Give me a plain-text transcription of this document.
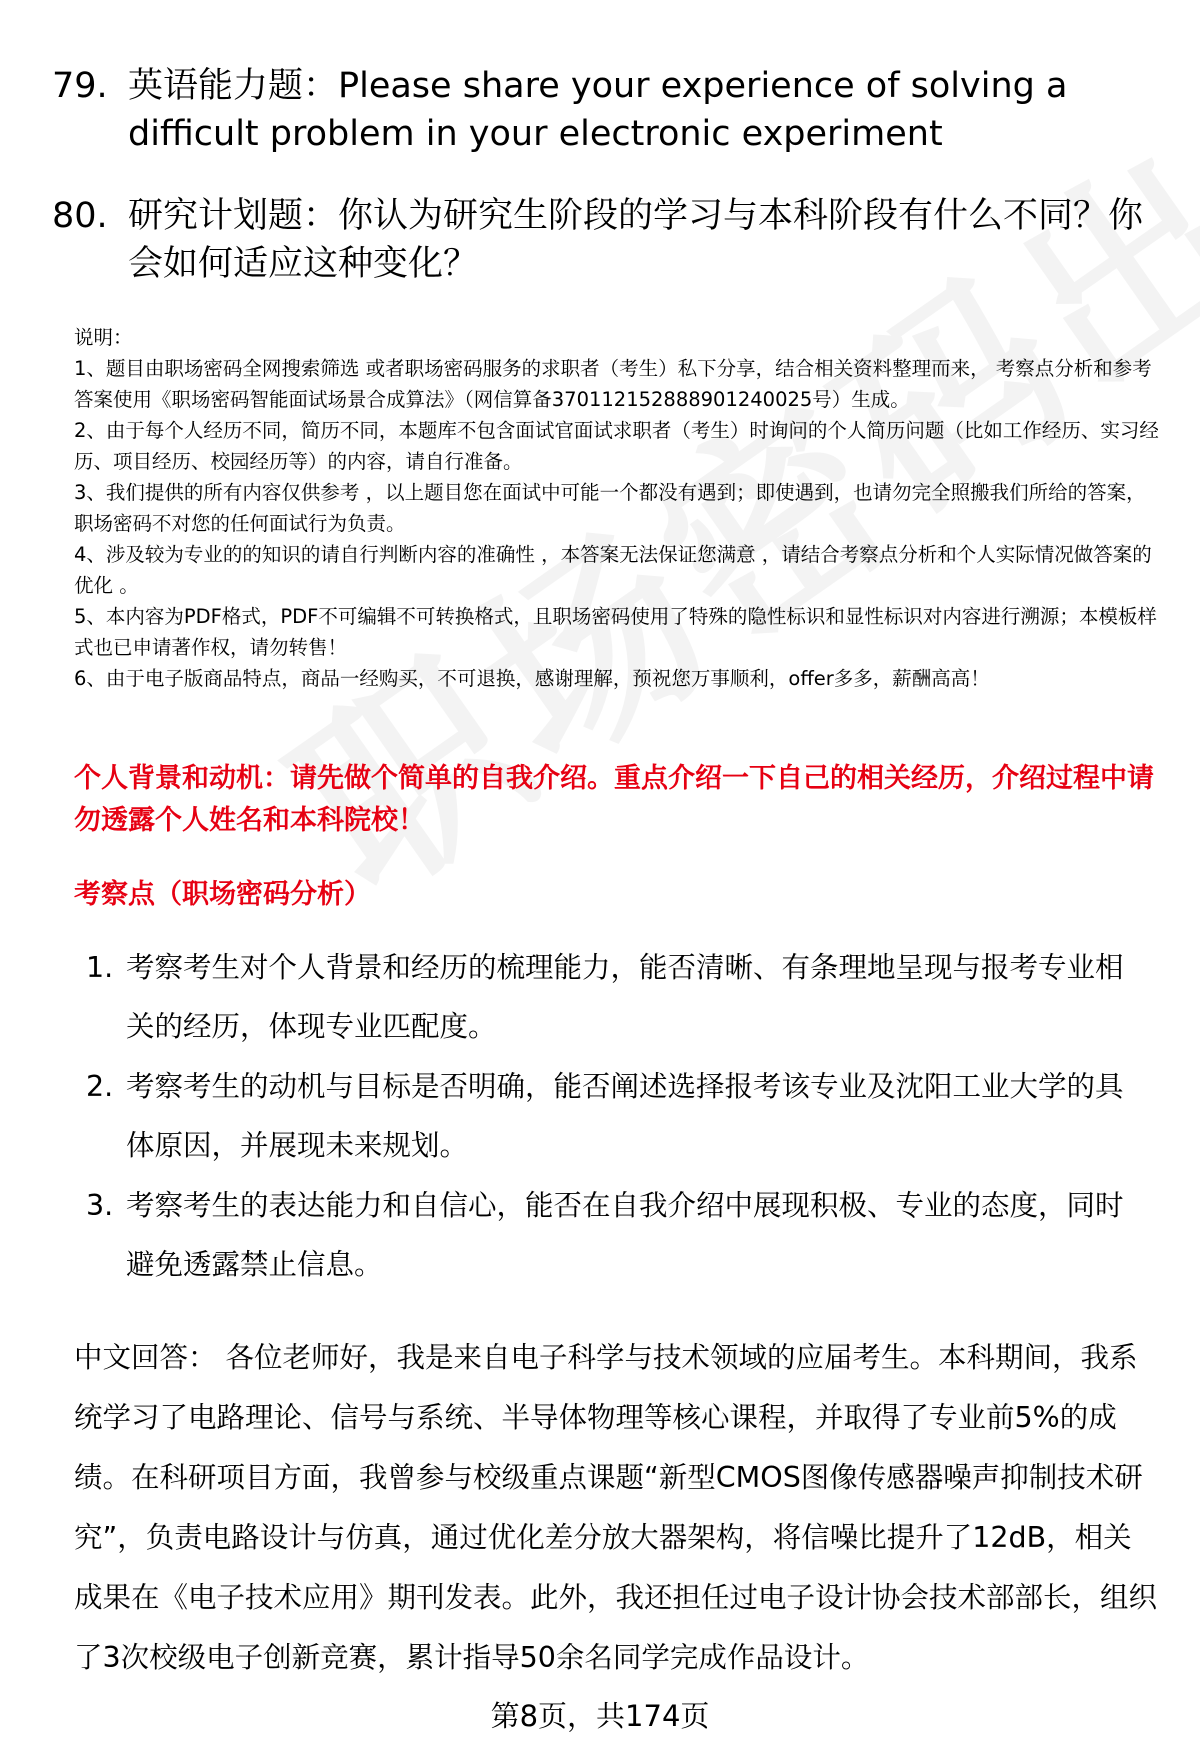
79. 英语能力题：Please share your experience of solving a difficult problem in your electronic experiment
80. 研究计划题：你认为研究生阶段的学习与本科阶段有什么不同？你会如何适应这种变化？
说明：
1、题目由职场密码全网搜索筛选 或者职场密码服务的求职者（考生）私下分享，结合相关资料整理而来， 考察点分析和参考答案使用《职场密码智能面试场景合成算法》（网信算备370112152888901240025号）生成。
2、由于每个人经历不同，简历不同，本题库不包含面试官面试求职者（考生）时询问的个人简历问题（比如工作经历、实习经历、项目经历、校园经历等）的内容，请自行准备。
3、我们提供的所有内容仅供参考 ，以上题目您在面试中可能一个都没有遇到；即使遇到，也请勿完全照搬我们所给的答案，职场密码不对您的任何面试行为负责。
4、涉及较为专业的的知识的请自行判断内容的准确性 ，本答案无法保证您满意 ，请结合考察点分析和个人实际情况做答案的优化 。
5、本内容为PDF格式，PDF不可编辑不可转换格式，且职场密码使用了特殊的隐性标识和显性标识对内容进行溯源；本模板样式也已申请著作权，请勿转售！
6、由于电子版商品特点，商品一经购买，不可退换，感谢理解，预祝您万事顺利，offer多多，薪酬高高！
个人背景和动机：请先做个简单的自我介绍。重点介绍一下自己的相关经历，介绍过程中请勿透露个人姓名和本科院校！
考察点（职场密码分析）
1. 考察考生对个人背景和经历的梳理能力，能否清晰、有条理地呈现与报考专业相关的经历，体现专业匹配度。
2. 考察考生的动机与目标是否明确，能否阐述选择报考该专业及沈阳工业大学的具体原因，并展现未来规划。
3. 考察考生的表达能力和自信心，能否在自我介绍中展现积极、专业的态度，同时避免透露禁止信息。
中文回答： 各位老师好，我是来自电子科学与技术领域的应届考生。本科期间，我系统学习了电路理论、信号与系统、半导体物理等核心课程，并取得了专业前5%的成绩。在科研项目方面，我曾参与校级重点课题“新型CMOS图像传感器噪声抑制技术研究”，负责电路设计与仿真，通过优化差分放大器架构，将信噪比提升了12dB，相关成果在《电子技术应用》期刊发表。此外，我还担任过电子设计协会技术部部长，组织了3次校级电子创新竞赛，累计指导50余名同学完成作品设计。
第8页，共174页
